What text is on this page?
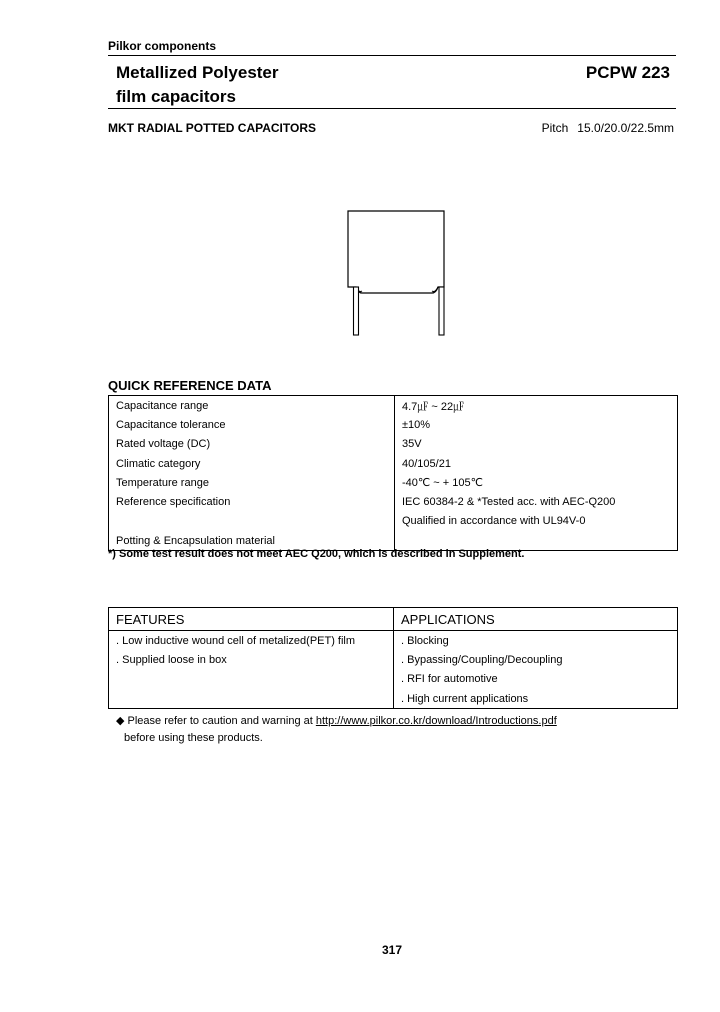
Pilkor components
Metallized Polyester
film capacitors
PCPW 223
MKT RADIAL POTTED CAPACITORS	Pitch 15.0/20.0/22.5mm
QUICK REFERENCE DATA
Capacitance range	4.7㎌ ~ 22㎌
Capacitance tolerance	±10%
Rated voltage (DC)	35V
Climatic category	40/105/21
Temperature range	-40℃ ~ + 105℃
Reference specification	IEC 60384-2 & *Tested acc. with AEC-Q200
	Qualified in accordance with UL94V-0
Potting & Encapsulation material	
*) Some test result does not meet AEC Q200, which is described in Supplement.
FEATURES	APPLICATIONS
. Low inductive wound cell of metalized(PET) film	. Blocking
. Supplied loose in box	. Bypassing/Coupling/Decoupling
	. RFI for automotive
	. High current applications
◆ Please refer to caution and warning at http://www.pilkor.co.kr/download/Introductions.pdf
before using these products.
317
